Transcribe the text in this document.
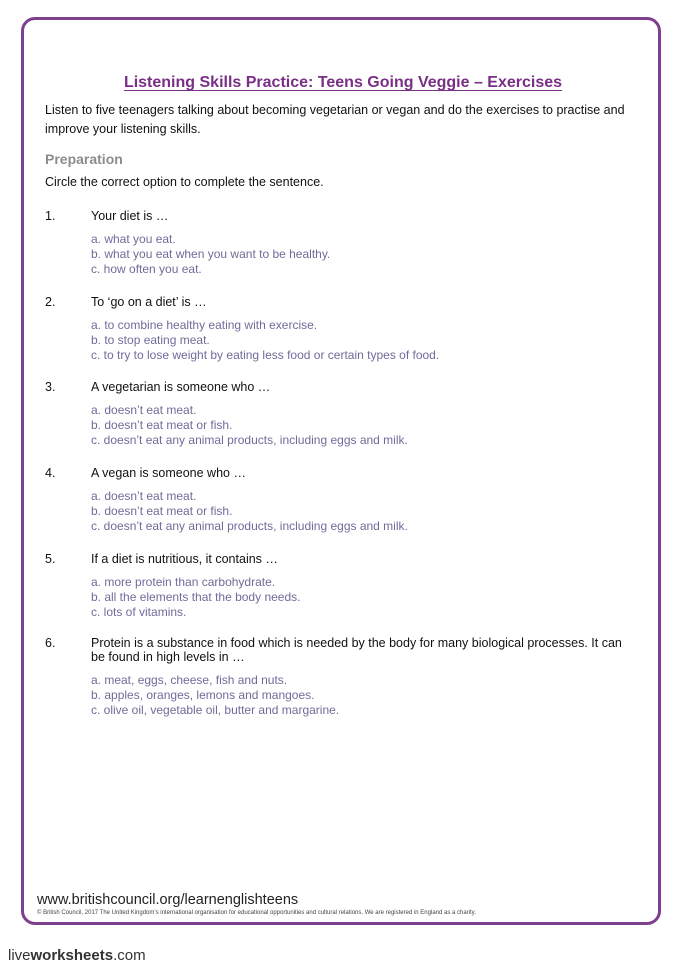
Listening Skills Practice: Teens Going Veggie – Exercises
Listen to five teenagers talking about becoming vegetarian or vegan and do the exercises to practise and improve your listening skills.
Preparation
Circle the correct option to complete the sentence.
1.	Your diet is …
a. what you eat.
b. what you eat when you want to be healthy.
c. how often you eat.
2.	To ‘go on a diet’ is …
a. to combine healthy eating with exercise.
b. to stop eating meat.
c. to try to lose weight by eating less food or certain types of food.
3.	A vegetarian is someone who …
a. doesn’t eat meat.
b. doesn’t eat meat or fish.
c. doesn’t eat any animal products, including eggs and milk.
4.	A vegan is someone who …
a. doesn’t eat meat.
b. doesn’t eat meat or fish.
c. doesn’t eat any animal products, including eggs and milk.
5.	If a diet is nutritious, it contains …
a. more protein than carbohydrate.
b. all the elements that the body needs.
c. lots of vitamins.
6.	Protein is a substance in food which is needed by the body for many biological processes. It can be found in high levels in …
a. meat, eggs, cheese, fish and nuts.
b. apples, oranges, lemons and mangoes.
c. olive oil, vegetable oil, butter and margarine.
www.britishcouncil.org/learnenglishteens
© British Council, 2017 The United Kingdom’s international organisation for educational opportunities and cultural relations. We are registered in England as a charity.
liveworksheets.com
